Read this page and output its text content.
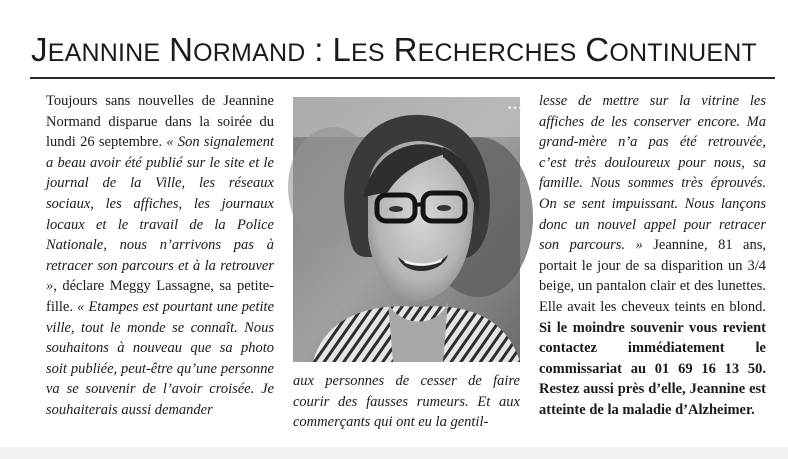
JEANNINE NORMAND : LES RECHERCHES CONTINUENT

Toujours sans nouvelles de Jeannine Normand disparue dans la soirée du lundi 26 septembre. « Son signalement a beau avoir été publié sur le site et le journal de la Ville, les réseaux sociaux, les affiches, les journaux locaux et le travail de la Police Nationale, nous n’arrivons pas à retracer son parcours et à la retrouver », déclare Meggy Lassagne, sa petite-fille. « Etampes est pourtant une petite ville, tout le monde se connaît. Nous souhaitons à nouveau que sa photo soit publiée, peut-être qu’une personne va se souvenir de l’avoir croisée. Je souhaiterais aussi demander

•••
aux personnes de cesser de faire courir des fausses rumeurs. Et aux commerçants qui ont eu la gentil-

lesse de mettre sur la vitrine les affiches de les conserver encore. Ma grand-mère n’a pas été retrouvée, c’est très douloureux pour nous, sa famille. Nous sommes très éprouvés. On se sent impuissant. Nous lançons donc un nouvel appel pour retracer son parcours. » Jeannine, 81 ans, portait le jour de sa disparition un 3/4 beige, un pantalon clair et des lunettes. Elle avait les cheveux teints en blond. Si le moindre souvenir vous revient contactez immédiatement le commissariat au 01 69 16 13 50. Restez aussi près d’elle, Jeannine est atteinte de la maladie d’Alzheimer.
